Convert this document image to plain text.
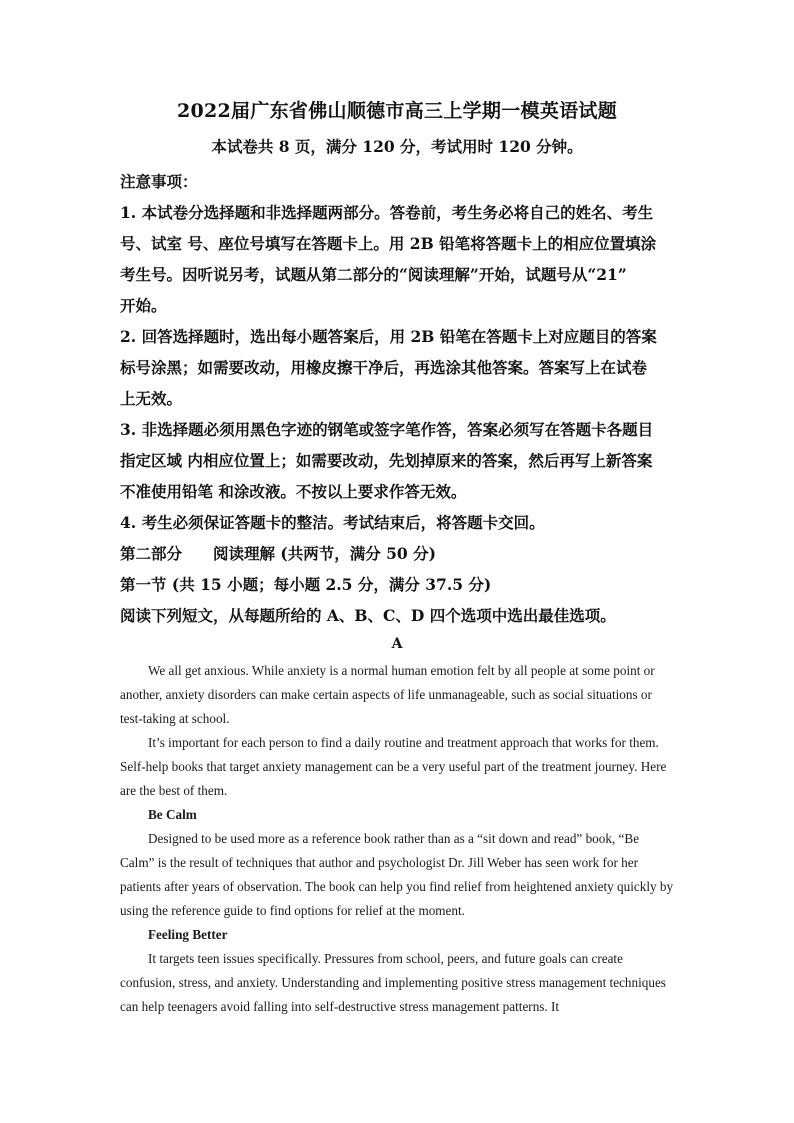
2022届广东省佛山顺德市高三上学期一模英语试题
本试卷共 8 页，满分 120 分，考试用时 120 分钟。
注意事项：
1. 本试卷分选择题和非选择题两部分。答卷前，考生务必将自己的姓名、考生
号、试室 号、座位号填写在答题卡上。用 2B 铅笔将答题卡上的相应位置填涂
考生号。因听说另考，试题从第二部分的“阅读理解”开始，试题号从“21”
开始。
2. 回答选择题时，选出每小题答案后，用 2B 铅笔在答题卡上对应题目的答案
标号涂黑；如需要改动，用橡皮擦干净后，再选涂其他答案。答案写上在试卷
上无效。
3. 非选择题必须用黑色字迹的钢笔或签字笔作答，答案必须写在答题卡各题目
指定区域 内相应位置上；如需要改动，先划掉原来的答案，然后再写上新答案
不准使用铅笔 和涂改液。不按以上要求作答无效。
4. 考生必须保证答题卡的整洁。考试结束后，将答题卡交回。
第二部分　　阅读理解 (共两节，满分 50 分)
第一节 (共 15 小题；每小题 2.5 分，满分 37.5 分)
阅读下列短文，从每题所给的 A、B、C、D 四个选项中选出最佳选项。
A

We all get anxious. While anxiety is a normal human emotion felt by all people at some point or another, anxiety disorders can make certain aspects of life unmanageable, such as social situations or test-taking at school.

It’s important for each person to find a daily routine and treatment approach that works for them. Self-help books that target anxiety management can be a very useful part of the treatment journey. Here are the best of them.

Be Calm

Designed to be used more as a reference book rather than as a “sit down and read” book, “Be Calm” is the result of techniques that author and psychologist Dr. Jill Weber has seen work for her patients after years of observation. The book can help you find relief from heightened anxiety quickly by using the reference guide to find options for relief at the moment.

Feeling Better

It targets teen issues specifically. Pressures from school, peers, and future goals can create confusion, stress, and anxiety. Understanding and implementing positive stress management techniques can help teenagers avoid falling into self-destructive stress management patterns. It
